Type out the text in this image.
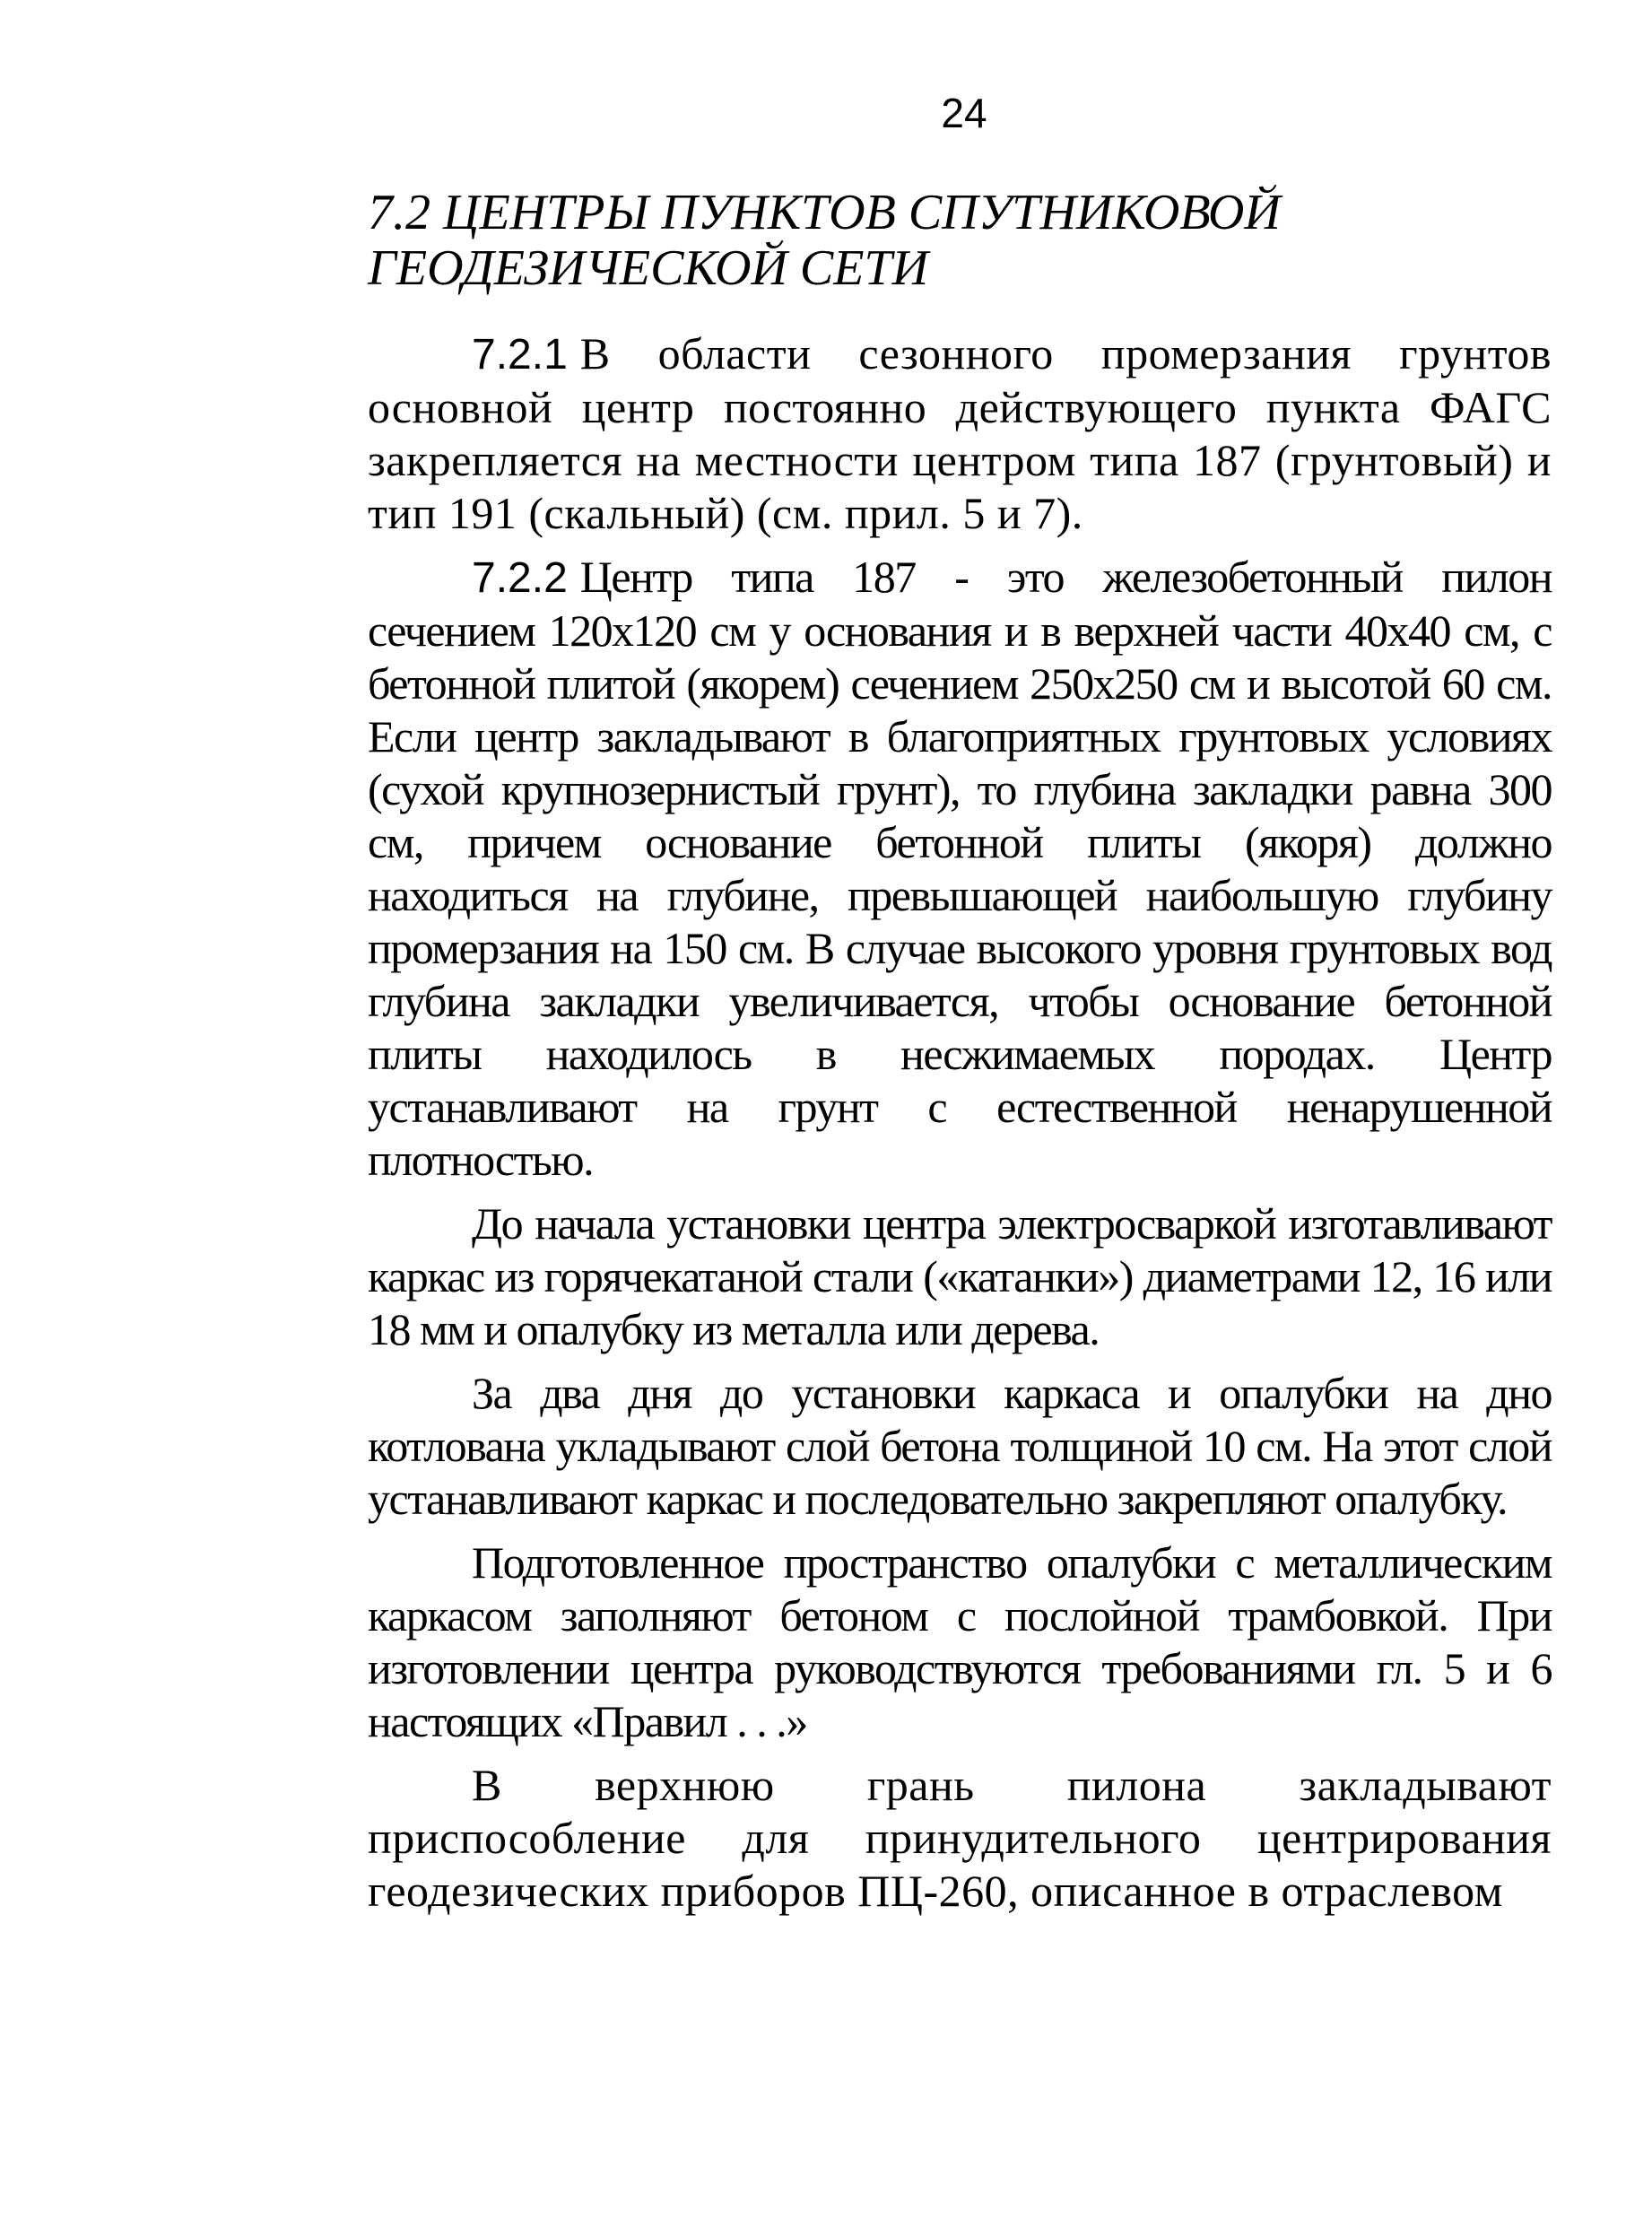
24
7.2 ЦЕНТРЫ ПУНКТОВ СПУТНИКОВОЙ
ГЕОДЕЗИЧЕСКОЙ СЕТИ

7.2.1 В области сезонного промерзания грунтов основной центр постоянно действующего пункта ФАГС закрепляется на местности центром типа 187 (грунтовый) и тип 191 (скальный) (см. прил. 5 и 7).

7.2.2 Центр типа 187 - это железобетонный пилон сечением 120х120 см у основания и в верхней части 40х40 см, с бетонной плитой (якорем) сечением 250х250 см и высотой 60 см. Если центр закладывают в благоприятных грунтовых условиях (сухой крупнозернистый грунт), то глубина закладки равна 300 см, причем основание бетонной плиты (якоря) должно находиться на глубине, превышающей наибольшую глубину промерзания на 150 см. В случае высокого уровня грунтовых вод глубина закладки увеличивается, чтобы основание бетонной плиты находилось в несжимаемых породах. Центр устанавливают на грунт с естественной ненарушенной плотностью.

До начала установки центра электросваркой изготавливают каркас из горячекатаной стали («катанки») диаметрами 12, 16 или 18 мм и опалубку из металла или дерева.

За два дня до установки каркаса и опалубки на дно котлована укладывают слой бетона толщиной 10 см. На этот слой устанавливают каркас и последовательно закрепляют опалубку.

Подготовленное пространство опалубки с металлическим каркасом заполняют бетоном с послойной трамбовкой. При изготовлении центра руководствуются требованиями гл. 5 и 6 настоящих «Правил . . .»

В верхнюю грань пилона закладывают приспособление для принудительного центрирования геодезических приборов ПЦ-260, описанное в отраслевом
